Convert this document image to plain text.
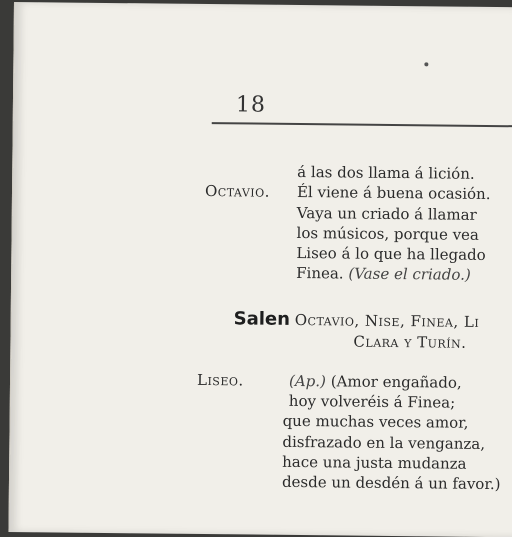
18
á las dos llama á lición.
Octavio. Él viene á buena ocasión.
Vaya un criado á llamar
los músicos, porque vea
Liseo á lo que ha llegado
Finea. (Vase el criado.)
Salen Octavio, Nise, Finea, Li
Clara y Turín.
Liseo.	(Ap.) (Amor engañado,
hoy volveréis á Finea;
que muchas veces amor,
disfrazado en la venganza,
hace una justa mudanza
desde un desdén á un favor.)
